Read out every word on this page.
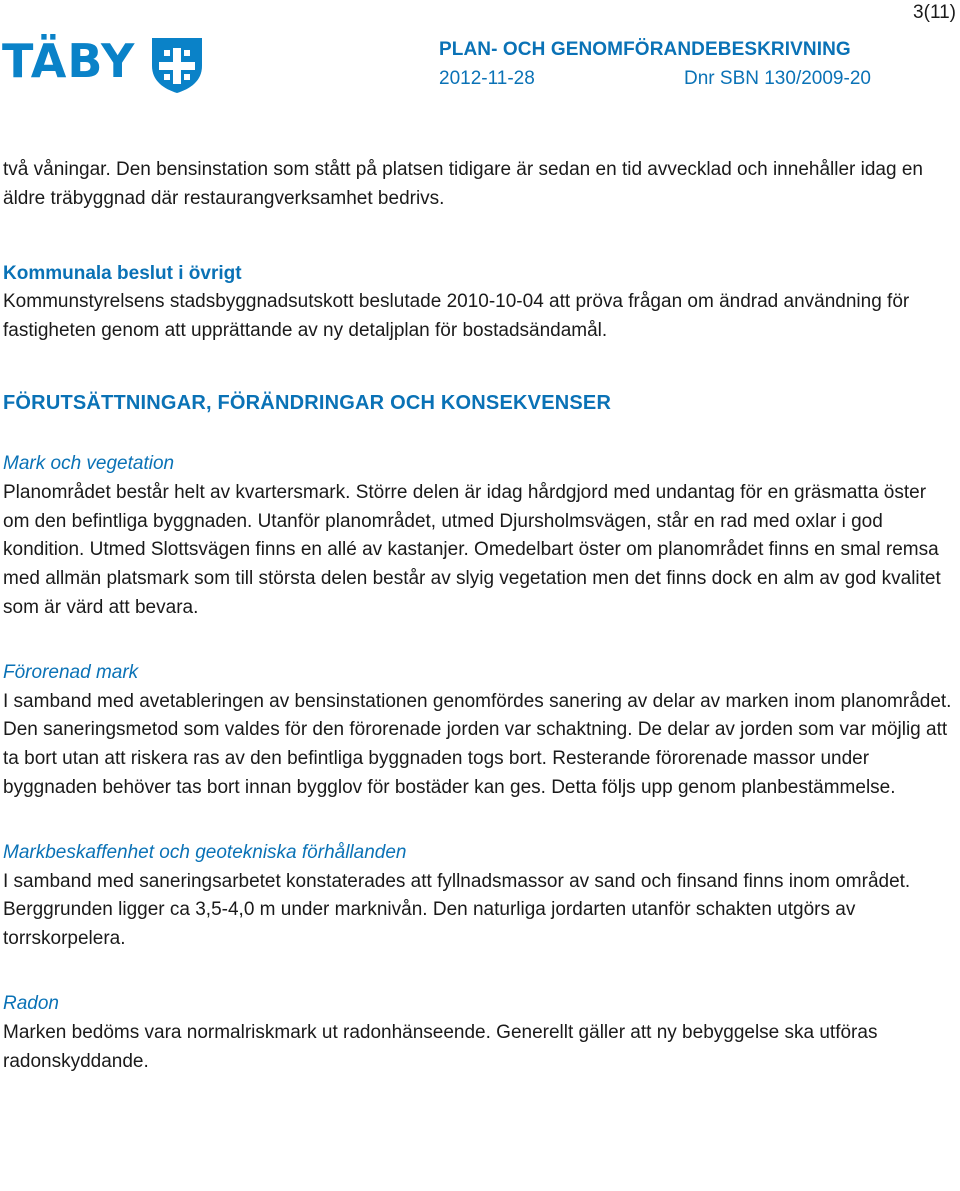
3(11)
TÄBY	PLAN- OCH GENOMFÖRANDEBESKRIVNING
2012-11-28	Dnr SBN 130/2009-20

två våningar. Den bensinstation som stått på platsen tidigare är sedan en tid avvecklad och innehåller idag en äldre träbyggnad där restaurangverksamhet bedrivs.

Kommunala beslut i övrigt

Kommunstyrelsens stadsbyggnadsutskott beslutade 2010-10-04 att pröva frågan om ändrad användning för fastigheten genom att upprättande av ny detaljplan för bostadsändamål.

FÖRUTSÄTTNINGAR, FÖRÄNDRINGAR OCH KONSEKVENSER
Mark och vegetation

Planområdet består helt av kvartersmark. Större delen är idag hårdgjord med undantag för en gräsmatta öster om den befintliga byggnaden. Utanför planområdet, utmed Djursholmsvägen, står en rad med oxlar i god kondition. Utmed Slottsvägen finns en allé av kastanjer. Omedelbart öster om planområdet finns en smal remsa med allmän platsmark som till största delen består av slyig vegetation men det finns dock en alm av god kvalitet som är värd att bevara.

Förorenad mark

I samband med avetableringen av bensinstationen genomfördes sanering av delar av marken inom planområdet. Den saneringsmetod som valdes för den förorenade jorden var schaktning. De delar av jorden som var möjlig att ta bort utan att riskera ras av den befintliga byggnaden togs bort. Resterande förorenade massor under byggnaden behöver tas bort innan bygglov för bostäder kan ges. Detta följs upp genom planbestämmelse.

Markbeskaffenhet och geotekniska förhållanden

I samband med saneringsarbetet konstaterades att fyllnadsmassor av sand och finsand finns inom området. Berggrunden ligger ca 3,5-4,0 m under marknivån. Den naturliga jordarten utanför schakten utgörs av torrskorpelera.

Radon

Marken bedöms vara normalriskmark ut radonhänseende. Generellt gäller att ny bebyggelse ska utföras radonskyddande.
